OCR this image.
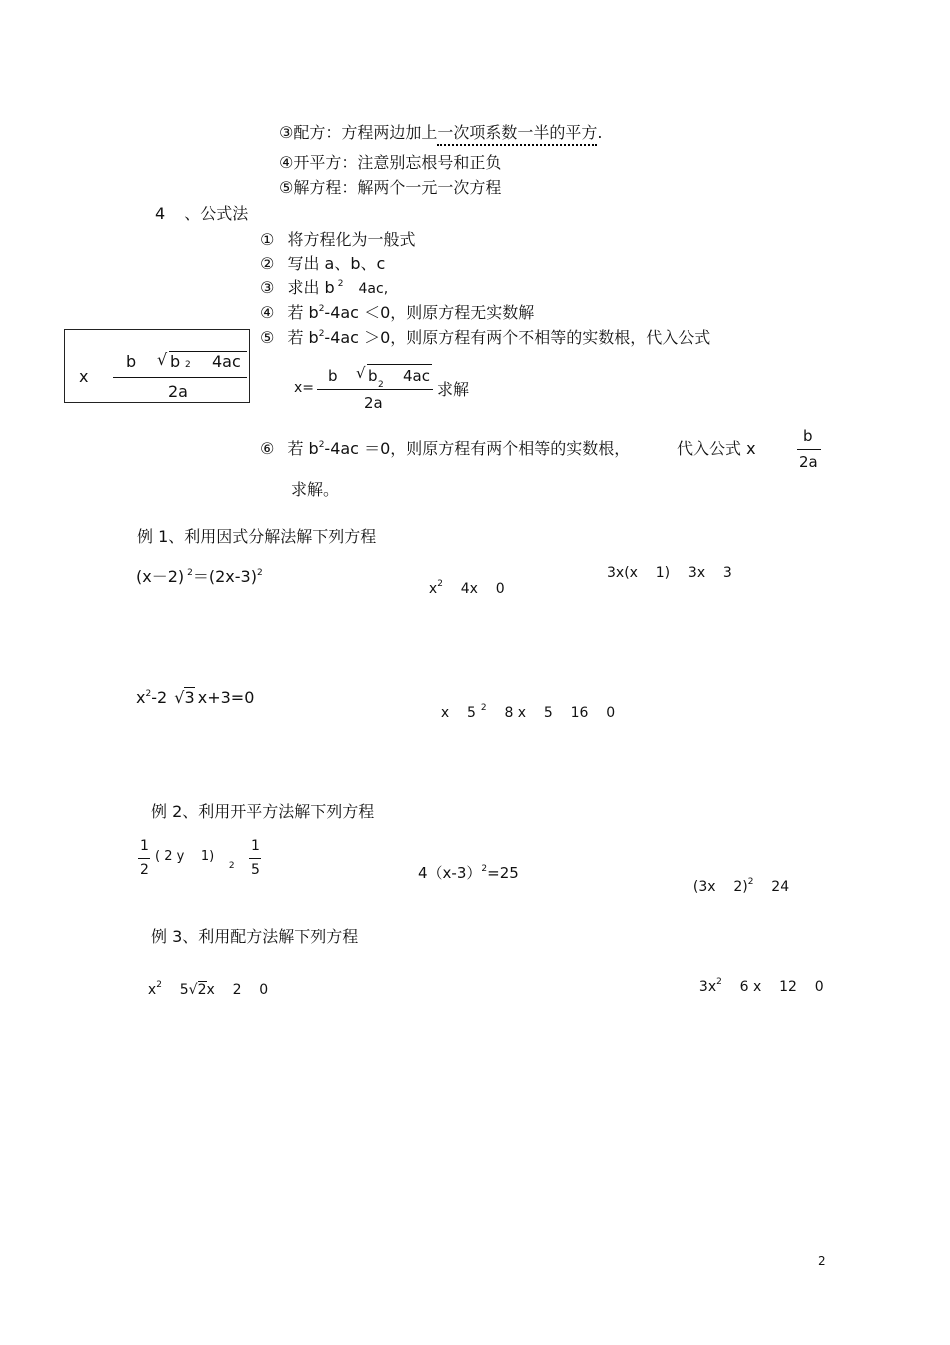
③配方：方程两边加上一次项系数一半的平方.
④开平方：注意别忘根号和正负
⑤解方程：解两个一元一次方程
4 、公式法
① 将方程化为一般式
② 写出 a、b、c
③ 求出 b $^2$ 4ac,
④ 若 $b^2-4ac <0$，则原方程无实数解
⑤ 若 $b^2-4ac >0$，则原方程有两个不相等的实数根，代入公式
x
b √ b $_2$ 4ac
2a	x=
b √ b $_2$ 4ac
2a
求解
⑥ 若 $b^2-4ac =0$，则原方程有两个相等的实数根，	代入公式 x
b
2a
求解。
例 1、利用因式分解法解下列方程
(x－2) $^2=(2x-3)^2$

$x^2$ 4x    0

3x(x    1)    3x    3
$x^2-2$ √3 x+3=0

x    5 $^2$ 8 x    5    16    0

例 2、利用开平方法解下列方程
1
2
( 2 y    1)
$_2$
1
5	$4(x-3)^2=25$

(3x    2)$^2$ 24

例 3、利用配方法解下列方程

$x^2$ 5√2x    2    0	$3x^2$ 6 x    12    0

2
